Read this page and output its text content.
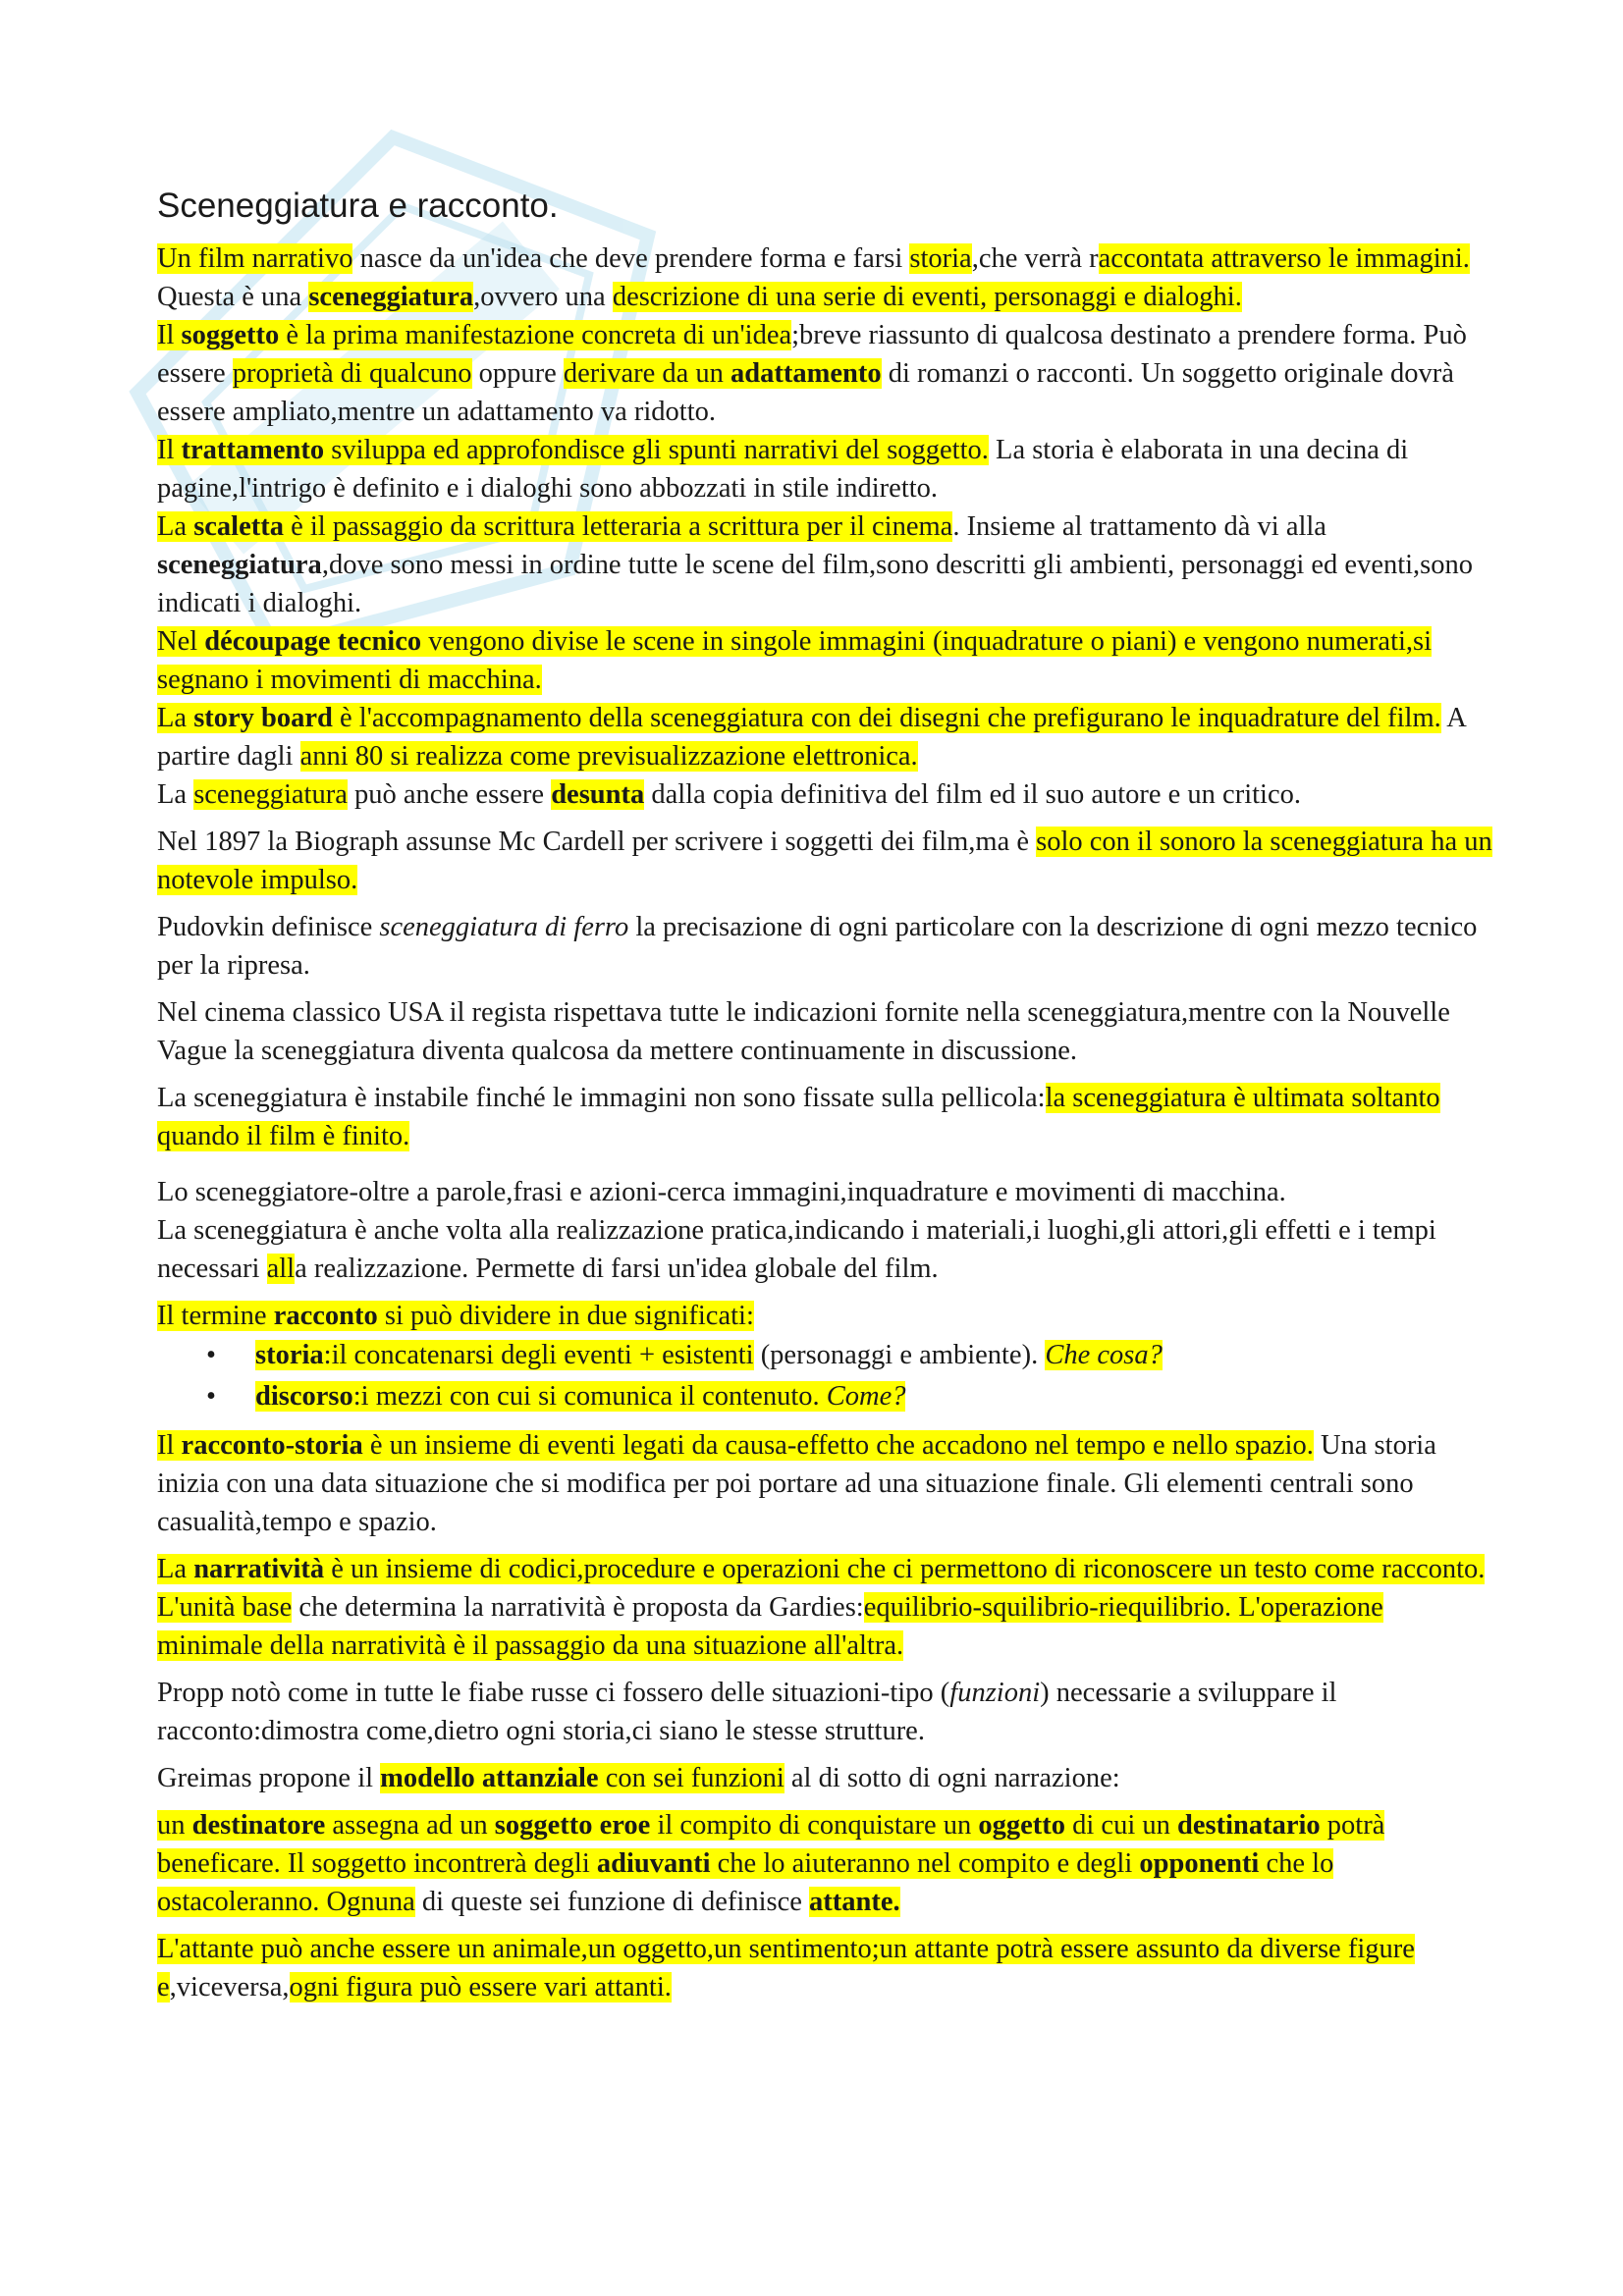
Sceneggiatura e racconto.

Un film narrativo nasce da un'idea che deve prendere forma e farsi storia,che verrà raccontata attraverso le immagini. Questa è una sceneggiatura,ovvero una descrizione di una serie di eventi, personaggi e dialoghi.

Il soggetto è la prima manifestazione concreta di un'idea;breve riassunto di qualcosa destinato a prendere forma. Può essere proprietà di qualcuno oppure derivare da un adattamento di romanzi o racconti. Un soggetto originale dovrà essere ampliato,mentre un adattamento va ridotto.

Il trattamento sviluppa ed approfondisce gli spunti narrativi del soggetto. La storia è elaborata in una decina di pagine,l'intrigo è definito e i dialoghi sono abbozzati in stile indiretto.

La scaletta è il passaggio da scrittura letteraria a scrittura per il cinema. Insieme al trattamento dà vi alla sceneggiatura,dove sono messi in ordine tutte le scene del film,sono descritti gli ambienti, personaggi ed eventi,sono indicati i dialoghi.

Nel découpage tecnico vengono divise le scene in singole immagini (inquadrature o piani) e vengono numerati,si segnano i movimenti di macchina.

La story board è l'accompagnamento della sceneggiatura con dei disegni che prefigurano le inquadrature del film. A partire dagli anni 80 si realizza come previsualizzazione elettronica.

La sceneggiatura può anche essere desunta dalla copia definitiva del film ed il suo autore e un critico.

Nel 1897 la Biograph assunse Mc Cardell per scrivere i soggetti dei film,ma è solo con il sonoro la sceneggiatura ha un notevole impulso.

Pudovkin definisce sceneggiatura di ferro la precisazione di ogni particolare con la descrizione di ogni mezzo tecnico per la ripresa.

Nel cinema classico USA il regista rispettava tutte le indicazioni fornite nella sceneggiatura,mentre con la Nouvelle Vague la sceneggiatura diventa qualcosa da mettere continuamente in discussione.

La sceneggiatura è instabile finché le immagini non sono fissate sulla pellicola:la sceneggiatura è ultimata soltanto quando il film è finito.

Lo sceneggiatore-oltre a parole,frasi e azioni-cerca immagini,inquadrature e movimenti di macchina.

La sceneggiatura è anche volta alla realizzazione pratica,indicando i materiali,i luoghi,gli attori,gli effetti e i tempi necessari alla realizzazione. Permette di farsi un'idea globale del film.

Il termine racconto si può dividere in due significati:

• storia:il concatenarsi degli eventi + esistenti (personaggi e ambiente). Che cosa?
• discorso:i mezzi con cui si comunica il contenuto. Come?

Il racconto-storia è un insieme di eventi legati da causa-effetto che accadono nel tempo e nello spazio. Una storia inizia con una data situazione che si modifica per poi portare ad una situazione finale. Gli elementi centrali sono casualità,tempo e spazio.

La narratività è un insieme di codici,procedure e operazioni che ci permettono di riconoscere un testo come racconto. L'unità base che determina la narratività è proposta da Gardies:equilibrio-squilibrio-riequilibrio. L'operazione minimale della narratività è il passaggio da una situazione all'altra.

Propp notò come in tutte le fiabe russe ci fossero delle situazioni-tipo (funzioni) necessarie a sviluppare il racconto:dimostra come,dietro ogni storia,ci siano le stesse strutture.

Greimas propone il modello attanziale con sei funzioni al di sotto di ogni narrazione:

un destinatore assegna ad un soggetto eroe il compito di conquistare un oggetto di cui un destinatario potrà beneficare. Il soggetto incontrerà degli adiuvanti che lo aiuteranno nel compito e degli opponenti che lo ostacoleranno. Ognuna di queste sei funzione di definisce attante.

L'attante può anche essere un animale,un oggetto,un sentimento;un attante potrà essere assunto da diverse figure e,viceversa,ogni figura può essere vari attanti.
